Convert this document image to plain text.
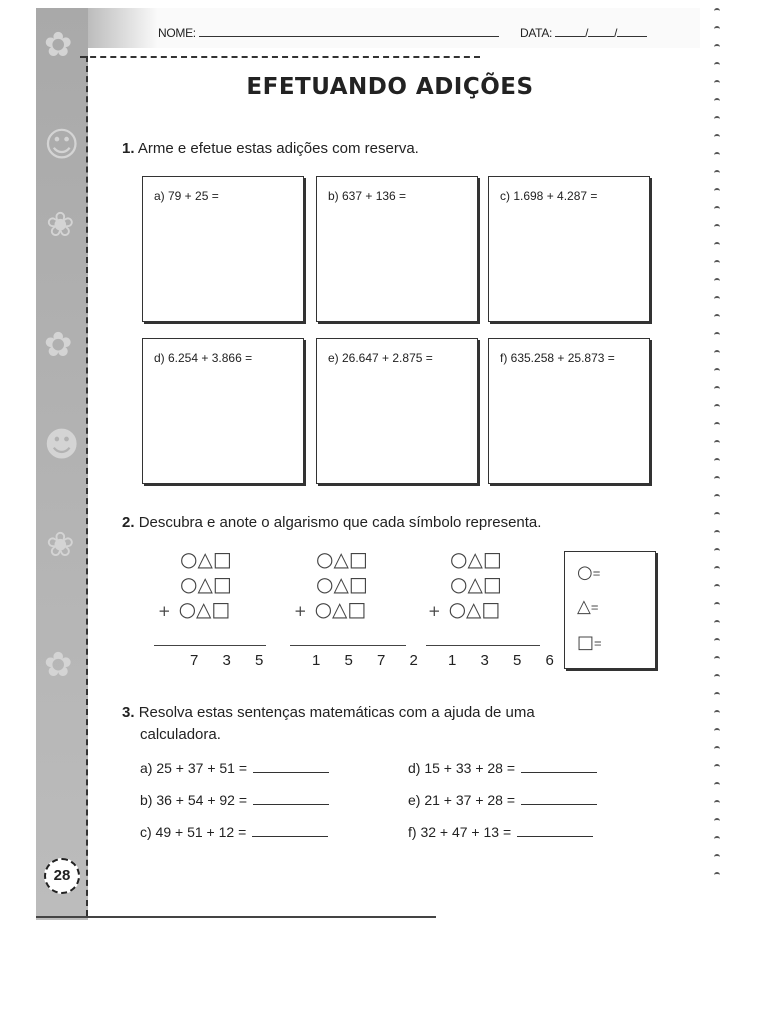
✿
☺
❀
✿
☻
❀
✿
NOME:	DATA:	/ /
EFETUANDO ADIÇÕES
1. Arme e efetue estas adições com reserva.
a) 79 + 25 =	b) 637 + 136 =	c) 1.698 + 4.287 =
d) 6.254 + 3.866 =	e) 26.647 + 2.875 =	f) 635.258 + 25.873 =
2. Descubra e anote o algarismo que cada símbolo representa.
○△□
○△□
+ ○△□
7 3 5
○△□
○△□
+ ○△□
1 5 7 2
○△□
○△□
+ ○△□
1 3 5 6
○=
△=
□=
3. Resolva estas sentenças matemáticas com a ajuda de uma
calculadora.
a) 25 + 37 + 51 =	d) 15 + 33 + 28 =
b) 36 + 54 + 92 =	e) 21 + 37 + 28 =
c) 49 + 51 + 12 =	f) 32 + 47 + 13 =
28
